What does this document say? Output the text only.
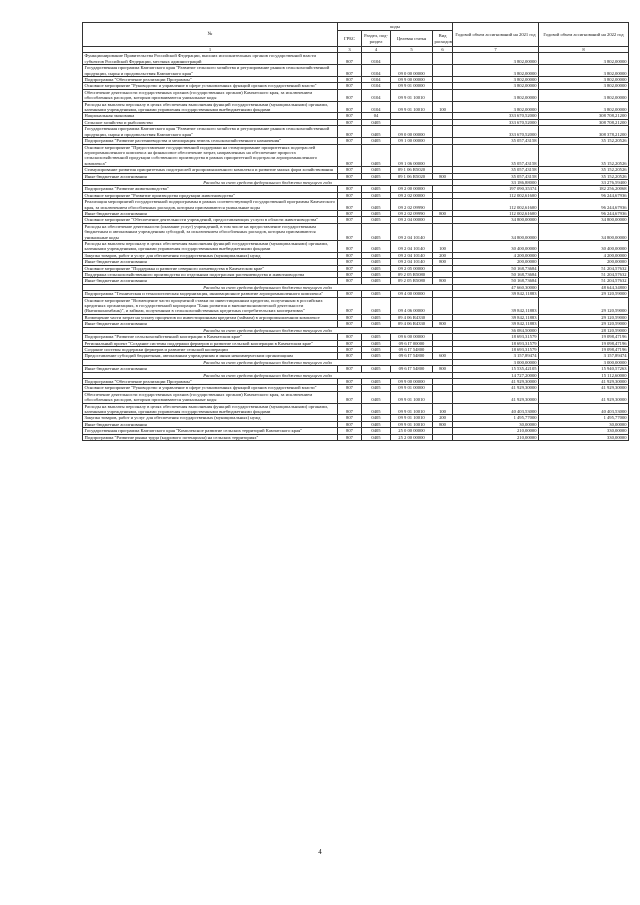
№	коды				Годовой объем ассигнований на 2021 год	Годовой объем ассигнований на 2022 год
	ГРБС	Раздел, под-раздел	Целевая статья	Вид расходов		
1	3	4	5	6	7	8
Функционирование Правительства Российской Федерации, высших исполнительных органов государственной власти субъектов Российской Федерации, местных администраций	807	0104			3 802,00000	3 802,00000
Государственная программа Камчатского края "Развитие сельского хозяйства и регулирование рынков сельскохозяйственной продукции, сырья и продовольствия Камчатского края"	807	0104	09 0 00 00000		3 802,00000	3 802,00000
Подпрограмма "Обеспечение реализации Программы"	807	0104	09 9 00 00000		3 802,00000	3 802,00000
Основное мероприятие "Руководство и управление в сфере установленных функций органов государственной власти"	807	0104	09 9 01 00000		3 802,00000	3 802,00000
Обеспечение деятельности государственных органов (государственных органов) Камчатского края, за исключением обособленных расходов, которым присваиваются уникальные коды	807	0104	09 9 01 10010		3 802,00000	3 802,00000
Расходы на выплаты персоналу в целях обеспечения выполнения функций государственными (муниципальными) органами, казенными учреждениями, органами управления государственными внебюджетными фондами	807	0104	09 9 01 10010	100	3 802,00000	3 802,00000
Национальная экономика	807	04			333 670,52000	308 708,21200
Сельское хозяйство и рыболовство	807	0405			333 670,52000	308 708,21200
Государственная программа Камчатского края "Развитие сельского хозяйства и регулирование рынков сельскохозяйственной продукции, сырья и продовольствия Камчатского края"	807	0405	09 0 00 00000		333 670,52000	308 378,21200
Подпрограмма "Развитие растениеводства и мелиорация земель сельскохозяйственного назначения"	807	0405	09 1 00 00000		35 057,43158	35 152,20526
Основное мероприятие "Предоставление государственной поддержки на стимулирование приоритетных подотраслей агропромышленного комплекса на финансовое обеспечение затрат, направленных на обеспечение прироста сельскохозяйственной продукции собственного производства в рамках приоритетной подотрасли агропромышленного комплекса"	807	0405	09 1 06 00000		35 057,43158	35 152,20526
Стимулирование развития приоритетных подотраслей агропромышленного комплекса и развитие малых форм хозяйствования	807	0405	09 1 06 R5020		35 057,43158	35 152,20526
Иные бюджетные ассигнования	807	0405	09 1 06 R5020	800	35 057,43158	35 152,20526
Расходы за счет средств федерального бюджета текущего года					33 186,88000	33 276,59400
Подпрограмма "Развитие животноводства"	807	0405	09 2 00 00000		197 090,35374	182 256,20068
Основное мероприятие "Развитие производства продукции животноводства"	807	0405	09 2 02 00000		112 002,61600	96 244,67936
Реализация мероприятий государственной подпрограммы в рамках соответствующей государственной программы Камчатского края, за исключением обособленных расходов, которым присваиваются уникальные коды	807	0405	09 2 02 09990		112 002,61600	96 244,67936
Иные бюджетные ассигнования	807	0405	09 2 02 09990	800	112 002,61600	96 244,67936
Основное мероприятие "Обеспечение деятельности учреждений, предоставляющих услуги в области животноводства"	807	0405	09 2 04 00000		34 800,00000	34 800,00000
Расходы на обеспечение деятельности (оказание услуг) учреждений, в том числе на предоставление государственным бюджетным и автономным учреждениям субсидий, за исключением обособленных расходов, которым присваиваются уникальные коды	807	0405	09 2 04 10140		34 800,00000	34 800,00000
Расходы на выплаты персоналу в целях обеспечения выполнения функций государственными (муниципальными) органами, казенными учреждениями, органами управления государственными внебюджетными фондами	807	0405	09 2 04 10140	100	30 400,00000	30 400,00000
Закупка товаров, работ и услуг для обеспечения государственных (муниципальных) нужд	807	0405	09 2 04 10140	200	4 200,00000	4 200,00000
Иные бюджетные ассигнования	807	0405	09 2 04 10140	800	200,00000	200,00000
Основное мероприятие "Поддержка и развитие северного оленеводства в Камчатском крае"	807	0405	09 2 05 00000		50 168,73684	51 204,57632
Поддержка сельскохозяйственного производства по отдельным подотраслям растениеводства и животноводства	807	0405	09 2 05 R5080		50 168,73684	51 204,57632
Иные бюджетные ассигнования	807	0405	09 2 05 R5080	800	50 168,73684	51 204,57632
Расходы за счет средств федерального бюджета текущего года					47 660,30000	48 644,34800
Подпрограмма "Техническая и технологическая модернизация, инновационное развитие агропромышленного комплекса"	807	0405	09 4 00 00000		39 842,11883	29 120,59000
Основное мероприятие "Возмещение части процентной ставки по инвестиционным кредитам, полученным в российских кредитных организациях, в государственной корпорации "Банк развития и внешнеэкономической деятельности (Внешэкономбанк)", и займам, полученным в сельскохозяйственных кредитных потребительских кооперативах"	807	0405	09 4 06 00000		39 842,11883	29 120,59000
Возмещение части затрат на уплату процентов по инвестиционным кредитам (займам) в агропромышленном комплексе	807	0405	09 4 06 R4330		39 842,11883	29 120,59000
Иные бюджетные ассигнования	807	0405	09 4 06 R4330	800	39 842,11883	29 120,59000
Расходы за счет средств федерального бюджета текущего года					36 084,50000	28 120,59000
Подпрограмма "Развитие сельскохозяйственной кооперации в Камчатском крае"	807	0405	09 6 00 00000		18 693,31579	19 098,47196
Региональный проект "Создание системы поддержки фермеров и развитие сельской кооперации в Камчатском крае"	807	0405	09 6 I7 00000		18 693,31579	19 098,47196
Создание системы поддержки фермеров и развитие сельской кооперации	807	0405	09 6 I7 54800		18 693,31579	19 098,47196
Предоставление субсидий бюджетным, автономным учреждениям и иным некоммерческим организациям	807	0405	09 6 I7 54800	600	3 157,89474	3 157,89474
Расходы за счет средств федерального бюджета текущего года					3 000,00000	3 000,00000
Иные бюджетные ассигнования	807	0405	09 6 I7 54800	800	15 535,42105	15 940,57263
Расходы за счет средств федерального бюджета текущего года					14 727,20000	15 112,60000
Подпрограмма "Обеспечение реализации Программы"	807	0405	09 9 00 00000		41 929,30000	41 929,30000
Основное мероприятие "Руководство и управление в сфере установленных функций органов государственной власти"	807	0405	09 9 01 00000		41 929,30000	41 929,30000
Обеспечение деятельности государственных органов (государственных органов) Камчатского края, за исключением обособленных расходов, которым присваиваются уникальные коды	807	0405	09 9 01 10010		41 929,30000	41 929,30000
Расходы на выплаты персоналу в целях обеспечения выполнения функций государственными (муниципальными) органами, казенными учреждениями, органами управления государственными внебюджетными фондами	807	0405	09 9 01 10010	100	40 403,53000	40 403,53000
Закупка товаров, работ и услуг для обеспечения государственных (муниципальных) нужд	807	0405	09 9 01 10010	200	1 495,77000	1 495,77000
Иные бюджетные ассигнования	807	0405	09 9 01 10010	800	30,00000	30,00000
Государственная программа Камчатского края "Комплексное развитие сельских территорий Камчатского края"	807	0405	25 0 00 00000		210,00000	330,00000
Подпрограмма "Развитие рынка труда (кадрового потенциала) на сельских территориях"	807	0405	25 2 00 00000		210,00000	330,00000
4
